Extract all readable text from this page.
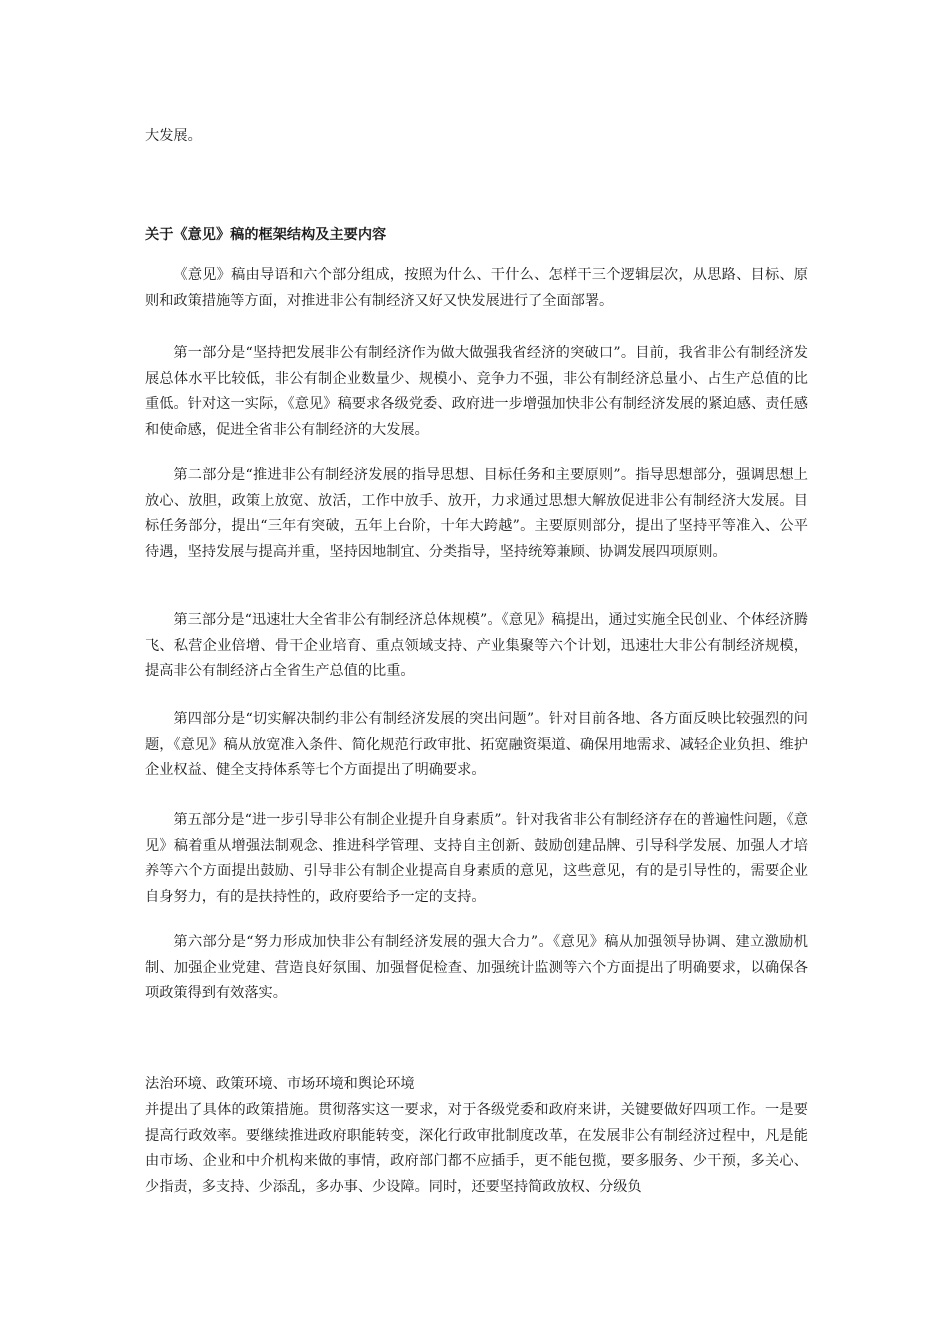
大发展。

关于《意见》稿的框架结构及主要内容

《意见》稿由导语和六个部分组成，按照为什么、干什么、怎样干三个逻辑层次，从思路、目标、原则和政策措施等方面，对推进非公有制经济又好又快发展进行了全面部署。

第一部分是“坚持把发展非公有制经济作为做大做强我省经济的突破口”。目前，我省非公有制经济发展总体水平比较低，非公有制企业数量少、规模小、竞争力不强，非公有制经济总量小、占生产总值的比重低。针对这一实际，《意见》稿要求各级党委、政府进一步增强加快非公有制经济发展的紧迫感、责任感和使命感，促进全省非公有制经济的大发展。

第二部分是“推进非公有制经济发展的指导思想、目标任务和主要原则”。指导思想部分，强调思想上放心、放胆，政策上放宽、放活，工作中放手、放开，力求通过思想大解放促进非公有制经济大发展。目标任务部分，提出“三年有突破，五年上台阶，十年大跨越”。主要原则部分，提出了坚持平等准入、公平待遇，坚持发展与提高并重，坚持因地制宜、分类指导，坚持统筹兼顾、协调发展四项原则。

第三部分是“迅速壮大全省非公有制经济总体规模”。《意见》稿提出，通过实施全民创业、个体经济腾飞、私营企业倍增、骨干企业培育、重点领域支持、产业集聚等六个计划，迅速壮大非公有制经济规模，提高非公有制经济占全省生产总值的比重。

第四部分是“切实解决制约非公有制经济发展的突出问题”。针对目前各地、各方面反映比较强烈的问题，《意见》稿从放宽准入条件、简化规范行政审批、拓宽融资渠道、确保用地需求、减轻企业负担、维护企业权益、健全支持体系等七个方面提出了明确要求。

第五部分是“进一步引导非公有制企业提升自身素质”。针对我省非公有制经济存在的普遍性问题，《意见》稿着重从增强法制观念、推进科学管理、支持自主创新、鼓励创建品牌、引导科学发展、加强人才培养等六个方面提出鼓励、引导非公有制企业提高自身素质的意见，这些意见，有的是引导性的，需要企业自身努力，有的是扶持性的，政府要给予一定的支持。

第六部分是“努力形成加快非公有制经济发展的强大合力”。《意见》稿从加强领导协调、建立激励机制、加强企业党建、营造良好氛围、加强督促检查、加强统计监测等六个方面提出了明确要求，以确保各项政策得到有效落实。

法治环境、政策环境、市场环境和舆论环境

并提出了具体的政策措施。贯彻落实这一要求，对于各级党委和政府来讲，关键要做好四项工作。一是要提高行政效率。要继续推进政府职能转变，深化行政审批制度改革，在发展非公有制经济过程中，凡是能由市场、企业和中介机构来做的事情，政府部门都不应插手，更不能包揽，要多服务、少干预，多关心、少指责，多支持、少添乱，多办事、少设障。同时，还要坚持简政放权、分级负
